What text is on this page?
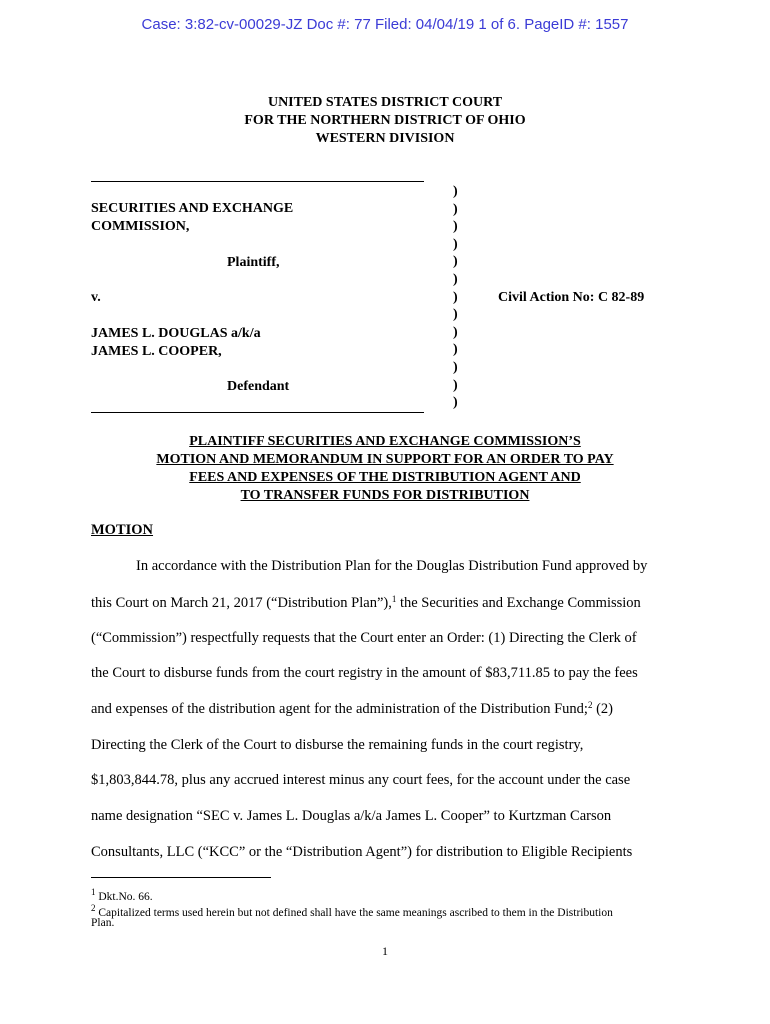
Case: 3:82-cv-00029-JZ Doc #: 77 Filed: 04/04/19 1 of 6. PageID #: 1557
UNITED STATES DISTRICT COURT
FOR THE NORTHERN DISTRICT OF OHIO
WESTERN DIVISION
SECURITIES AND EXCHANGE
COMMISSION,
Plaintiff,
v.
JAMES L. DOUGLAS a/k/a
JAMES L. COOPER,
Defendant
)
)
)
)
)
)
)
)
)
)
)
)
)
Civil Action No: C 82-89
PLAINTIFF SECURITIES AND EXCHANGE COMMISSION’S
MOTION AND MEMORANDUM IN SUPPORT FOR AN ORDER TO PAY
FEES AND EXPENSES OF THE DISTRIBUTION AGENT AND
TO TRANSFER FUNDS FOR DISTRIBUTION
MOTION
In accordance with the Distribution Plan for the Douglas Distribution Fund approved by
this Court on March 21, 2017 (“Distribution Plan”),$^1$ the Securities and Exchange Commission
(“Commission”) respectfully requests that the Court enter an Order: (1) Directing the Clerk of
the Court to disburse funds from the court registry in the amount of $83,711.85 to pay the fees
and expenses of the distribution agent for the administration of the Distribution Fund;$^2$ (2)
Directing the Clerk of the Court to disburse the remaining funds in the court registry,
$1,803,844.78, plus any accrued interest minus any court fees, for the account under the case
name designation “SEC v. James L. Douglas a/k/a James L. Cooper” to Kurtzman Carson
Consultants, LLC (“KCC” or the “Distribution Agent”) for distribution to Eligible Recipients
$^1$ Dkt.No. 66.
$^2$ Capitalized terms used herein but not defined shall have the same meanings ascribed to them in the Distribution
Plan.
1
